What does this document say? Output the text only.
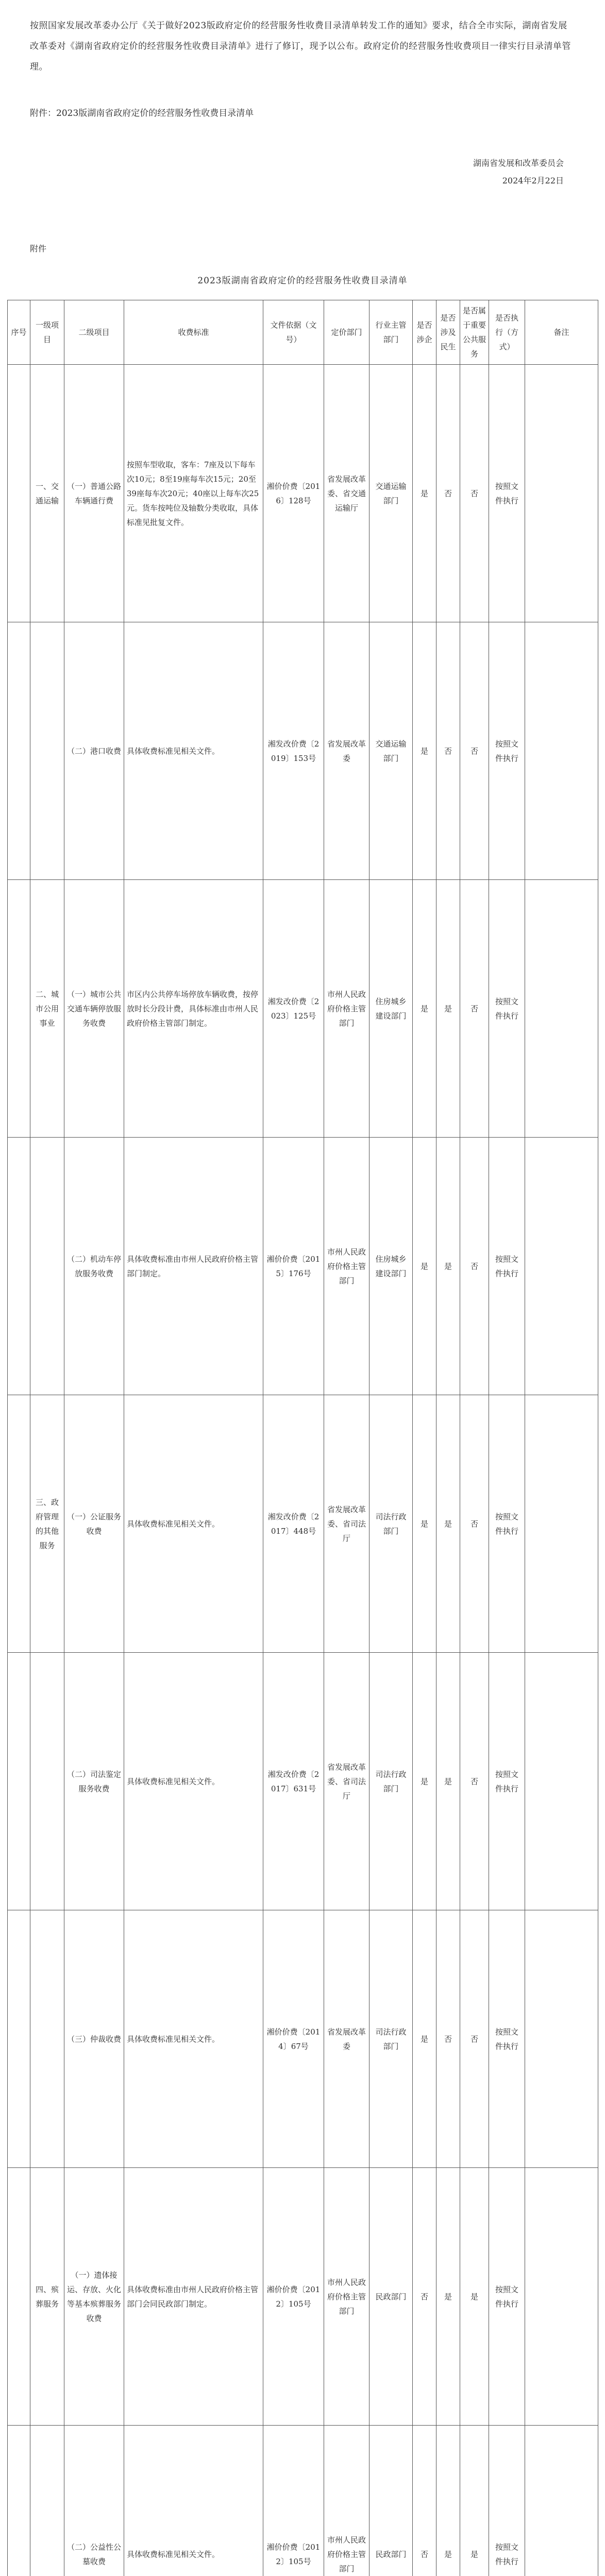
按照国家发展改革委办公厅《关于做好2023版政府定价的经营服务性收费目录清单转发工作的通知》要求，结合全市实际，湖南省发展改革委对《湖南省政府定价的经营服务性收费目录清单》进行了修订，现予以公布。政府定价的经营服务性收费项目一律实行目录清单管理。
附件：2023版湖南省政府定价的经营服务性收费目录清单
湖南省发展和改革委员会
2024年2月22日
附件
2023版湖南省政府定价的经营服务性收费目录清单
序号	一级项目	二级项目	收费标准	文件依据（文号）	定价部门	行业主管部门	是否涉企	是否涉及民生	是否属于重要公共服务	是否执行（方式）	备注
	一、交通运输	（一）普通公路车辆通行费	按照车型收取，客车：7座及以下每车次10元；8至19座每车次15元；20至39座每车次20元；40座以上每车次25元。货车按吨位及轴数分类收取，具体标准见批复文件。	湘价价费〔2016〕128号	省发展改革委、省交通运输厅	交通运输部门	是	否	否	按照文件执行	
		（二）港口收费	具体收费标准见相关文件。	湘发改价费〔2019〕153号	省发展改革委	交通运输部门	是	否	否	按照文件执行	
	二、城市公用事业	（一）城市公共交通车辆停放服务收费	市区内公共停车场停放车辆收费，按停放时长分段计费，具体标准由市州人民政府价格主管部门制定。	湘发改价费〔2023〕125号	市州人民政府价格主管部门	住房城乡建设部门	是	是	否	按照文件执行	
		（二）机动车停放服务收费	具体收费标准由市州人民政府价格主管部门制定。	湘价价费〔2015〕176号	市州人民政府价格主管部门	住房城乡建设部门	是	是	否	按照文件执行	
	三、政府管理的其他服务	（一）公证服务收费	具体收费标准见相关文件。	湘发改价费〔2017〕448号	省发展改革委、省司法厅	司法行政部门	是	是	否	按照文件执行	
		（二）司法鉴定服务收费	具体收费标准见相关文件。	湘发改价费〔2017〕631号	省发展改革委、省司法厅	司法行政部门	是	是	否	按照文件执行	
		（三）仲裁收费	具体收费标准见相关文件。	湘价价费〔2014〕67号	省发展改革委	司法行政部门	是	否	否	按照文件执行	
	四、殡葬服务	（一）遗体接运、存放、火化等基本殡葬服务收费	具体收费标准由市州人民政府价格主管部门会同民政部门制定。	湘价价费〔2012〕105号	市州人民政府价格主管部门	民政部门	否	是	是	按照文件执行	
		（二）公益性公墓收费	具体收费标准见相关文件。	湘价价费〔2012〕105号	市州人民政府价格主管部门	民政部门	否	是	是	按照文件执行	
